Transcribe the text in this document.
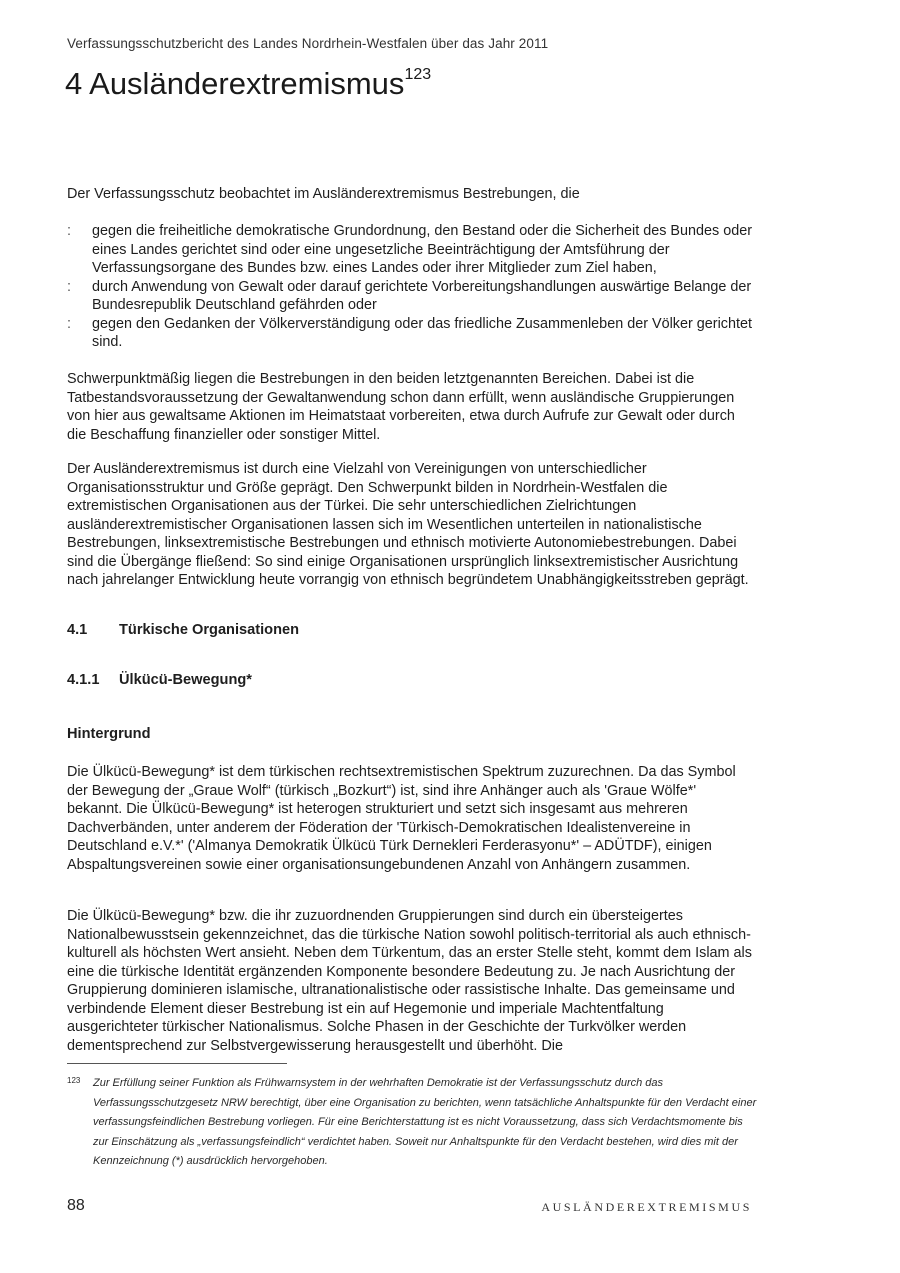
Verfassungsschutzbericht des Landes Nordrhein-Westfalen über das Jahr 2011
4 Ausländerextremismus$^{123}$
Der Verfassungsschutz beobachtet im Ausländerextremismus Bestrebungen, die
: gegen die freiheitliche demokratische Grundordnung, den Bestand oder die Sicherheit des Bundes oder eines Landes gerichtet sind oder eine ungesetzliche Beeinträchtigung der Amtsführung der Verfassungsorgane des Bundes bzw. eines Landes oder ihrer Mitglieder zum Ziel haben,
: durch Anwendung von Gewalt oder darauf gerichtete Vorbereitungshandlungen auswärtige Belange der Bundesrepublik Deutschland gefährden oder
: gegen den Gedanken der Völkerverständigung oder das friedliche Zusammenleben der Völker gerichtet sind.
Schwerpunktmäßig liegen die Bestrebungen in den beiden letztgenannten Bereichen. Dabei ist die Tatbestandsvoraussetzung der Gewaltanwendung schon dann erfüllt, wenn ausländische Gruppierungen von hier aus gewaltsame Aktionen im Heimatstaat vorbereiten, etwa durch Aufrufe zur Gewalt oder durch die Beschaffung finanzieller oder sonstiger Mittel.
Der Ausländerextremismus ist durch eine Vielzahl von Vereinigungen von unterschiedlicher Organisationsstruktur und Größe geprägt. Den Schwerpunkt bilden in Nordrhein-Westfalen die extremistischen Organisationen aus der Türkei. Die sehr unterschiedlichen Zielrichtungen ausländerextremistischer Organisationen lassen sich im Wesentlichen unterteilen in nationalistische Bestrebungen, linksextremistische Bestrebungen und ethnisch motivierte Autonomiebestrebungen. Dabei sind die Übergänge fließend: So sind einige Organisationen ursprünglich linksextremistischer Ausrichtung nach jahrelanger Entwicklung heute vorrangig von ethnisch begründetem Unabhängigkeitsstreben geprägt.
4.1 Türkische Organisationen
4.1.1 Ülkücü-Bewegung*
Hintergrund
Die Ülkücü-Bewegung* ist dem türkischen rechtsextremistischen Spektrum zuzurechnen. Da das Symbol der Bewegung der „Graue Wolf“ (türkisch „Bozkurt“) ist, sind ihre Anhänger auch als 'Graue Wölfe*' bekannt. Die Ülkücü-Bewegung* ist heterogen strukturiert und setzt sich insgesamt aus mehreren Dachverbänden, unter anderem der Föderation der 'Türkisch-Demokratischen Idealistenvereine in Deutschland e.V.*' ('Almanya Demokratik Ülkücü Türk Dernekleri Ferderasyonu*' – ADÜTDF), einigen Abspaltungsvereinen sowie einer organisationsungebundenen Anzahl von Anhängern zusammen.
Die Ülkücü-Bewegung* bzw. die ihr zuzuordnenden Gruppierungen sind durch ein übersteigertes Nationalbewusstsein gekennzeichnet, das die türkische Nation sowohl politisch-territorial als auch ethnisch-kulturell als höchsten Wert ansieht. Neben dem Türkentum, das an erster Stelle steht, kommt dem Islam als eine die türkische Identität ergänzenden Komponente besondere Bedeutung zu. Je nach Ausrichtung der Gruppierung dominieren islamische, ultranationalistische oder rassistische Inhalte. Das gemeinsame und verbindende Element dieser Bestrebung ist ein auf Hegemonie und imperiale Machtentfaltung ausgerichteter türkischer Nationalismus. Solche Phasen in der Geschichte der Turkvölker werden dementsprechend zur Selbstvergewisserung herausgestellt und überhöht. Die
123	Zur Erfüllung seiner Funktion als Frühwarnsystem in der wehrhaften Demokratie ist der Verfassungsschutz durch das Verfassungsschutzgesetz NRW berechtigt, über eine Organisation zu berichten, wenn tatsächliche Anhaltspunkte für den Verdacht einer verfassungsfeindlichen Bestrebung vorliegen. Für eine Berichterstattung ist es nicht Voraussetzung, dass sich Verdachtsmomente bis zur Einschätzung als „verfassungsfeindlich“ verdichtet haben. Soweit nur Anhaltspunkte für den Verdacht bestehen, wird dies mit der Kennzeichnung (*) ausdrücklich hervorgehoben.
88	AUSLÄNDEREXTREMISMUS
